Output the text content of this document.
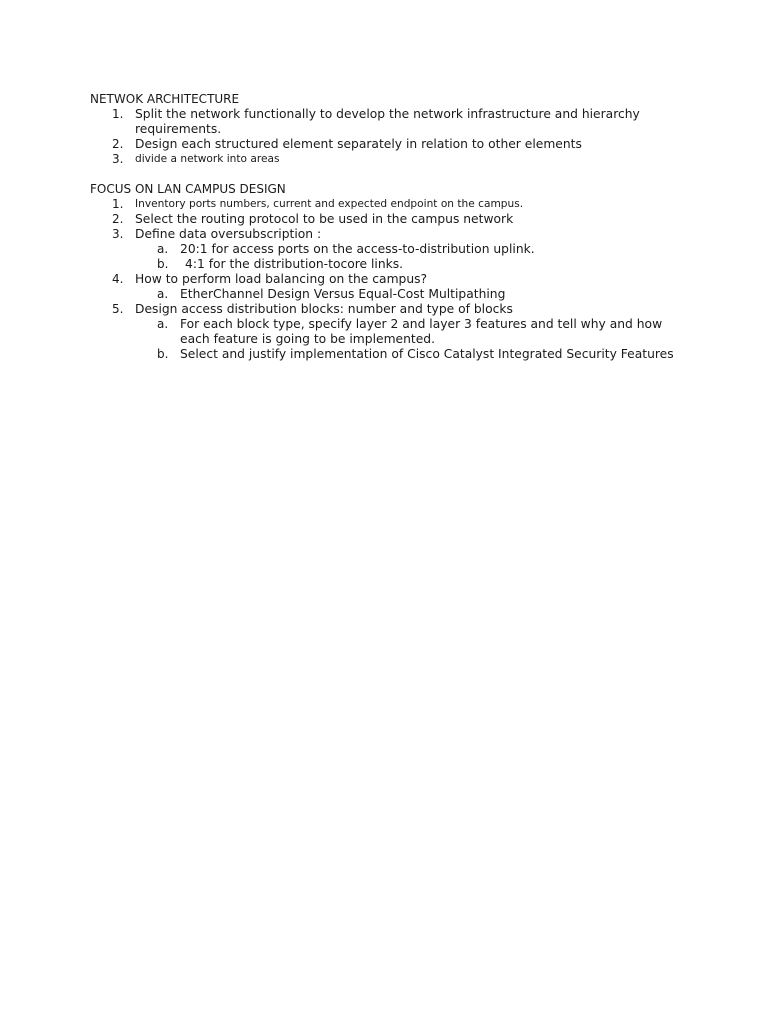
NETWOK ARCHITECTURE
1. Split the network functionally to develop the network infrastructure and hierarchy requirements.
2. Design each structured element separately in relation to other elements
3.	divide a network into areas
FOCUS ON LAN CAMPUS DESIGN
1.	Inventory ports numbers, current and expected endpoint on the campus.
2. Select the routing protocol to be used in the campus network
3. Define data oversubscription :
a. 20:1 for access ports on the access-to-distribution uplink.
b.	4:1 for the distribution-tocore links.
4. How to perform load balancing on the campus?
a. EtherChannel Design Versus Equal-Cost Multipathing
5. Design access distribution blocks: number and type of blocks
a. For each block type, specify layer 2 and layer 3 features and tell why and how each feature is going to be implemented.
b. Select and justify implementation of Cisco Catalyst Integrated Security Features
